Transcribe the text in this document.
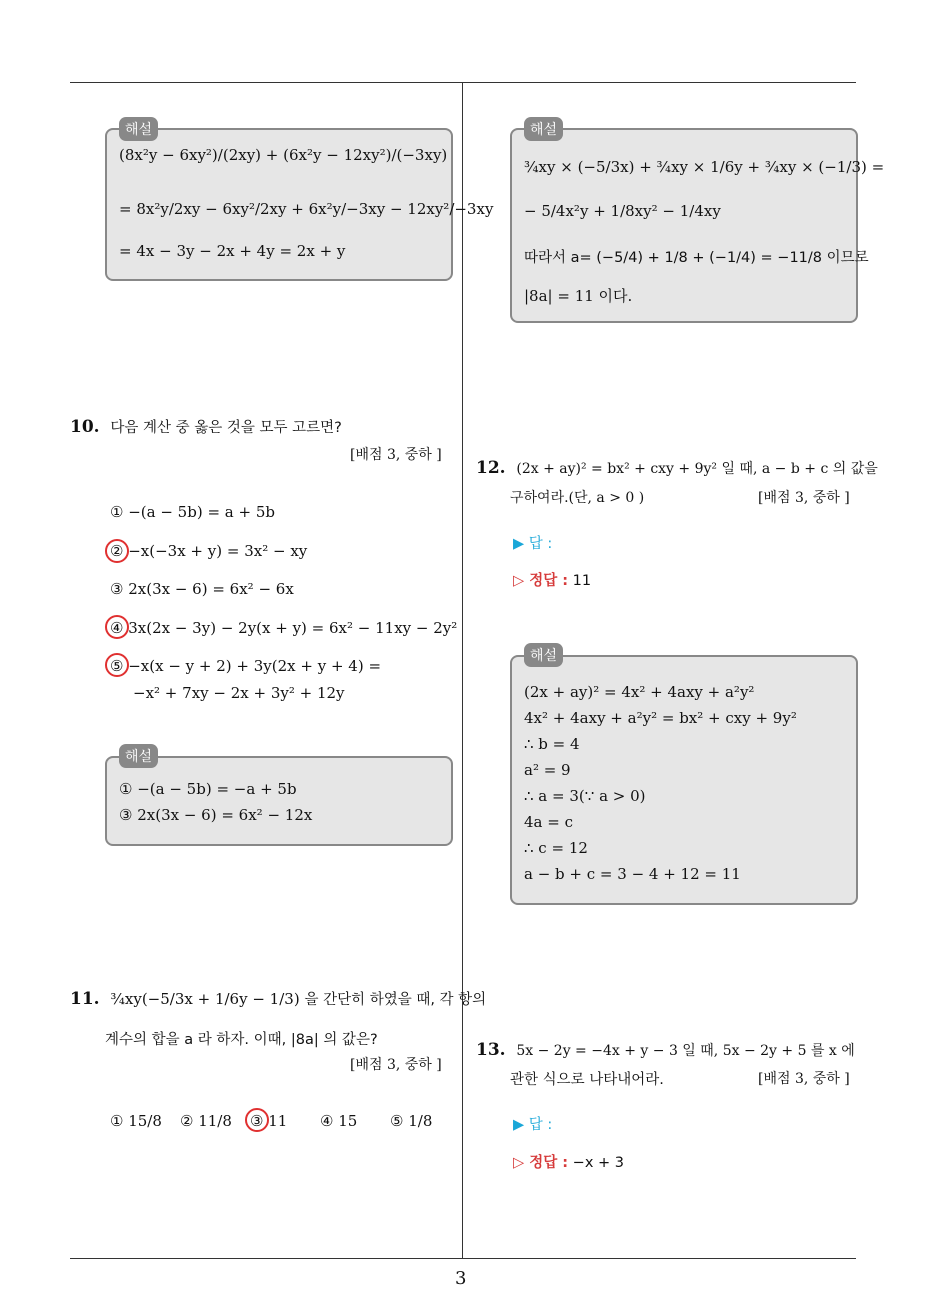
3
(8x²y − 6xy²)/(2xy) + (6x²y − 12xy²)/(−3xy)
= 8x²y/2xy − 6xy²/2xy + 6x²y/−3xy − 12xy²/−3xy
= 4x − 3y − 2x + 4y = 2x + y
해설
10. 다음 계산 중 옳은 것을 모두 고르면?
[배점 3, 중하 ]
① −(a − 5b) = a + 5b
② −x(−3x + y) = 3x² − xy
③ 2x(3x − 6) = 6x² − 6x
④ 3x(2x − 3y) − 2y(x + y) = 6x² − 11xy − 2y²
⑤ −x(x − y + 2) + 3y(2x + y + 4) =
−x² + 7xy − 2x + 3y² + 12y
① −(a − 5b) = −a + 5b
③ 2x(3x − 6) = 6x² − 12x
해설
11. ¾xy(−5/3x + 1/6y − 1/3) 을 간단히 하였을 때, 각 항의
계수의 합을 a 라 하자. 이때, |8a| 의 값은?
[배점 3, 중하 ]
① 15/8 ② 11/8 ③ 11 ④ 15 ⑤ 1/8
¾xy × (−5/3x) + ¾xy × 1/6y + ¾xy × (−1/3) =
− 5/4x²y + 1/8xy² − 1/4xy
따라서 a= (−5/4) + 1/8 + (−1/4) = −11/8 이므로
|8a| = 11 이다.
해설
12. (2x + ay)² = bx² + cxy + 9y² 일 때, a − b + c 의 값을
구하여라.(단, a > 0 )	[배점 3, 중하 ]
▶ 답 :
▷ 정답 : 11
(2x + ay)² = 4x² + 4axy + a²y²
4x² + 4axy + a²y² = bx² + cxy + 9y²
∴ b = 4
a² = 9
∴ a = 3(∵ a > 0)
4a = c
∴ c = 12
a − b + c = 3 − 4 + 12 = 11
해설
13. 5x − 2y = −4x + y − 3 일 때, 5x − 2y + 5 를 x 에
관한 식으로 나타내어라.	[배점 3, 중하 ]
▶ 답 :
▷ 정답 : −x + 3
